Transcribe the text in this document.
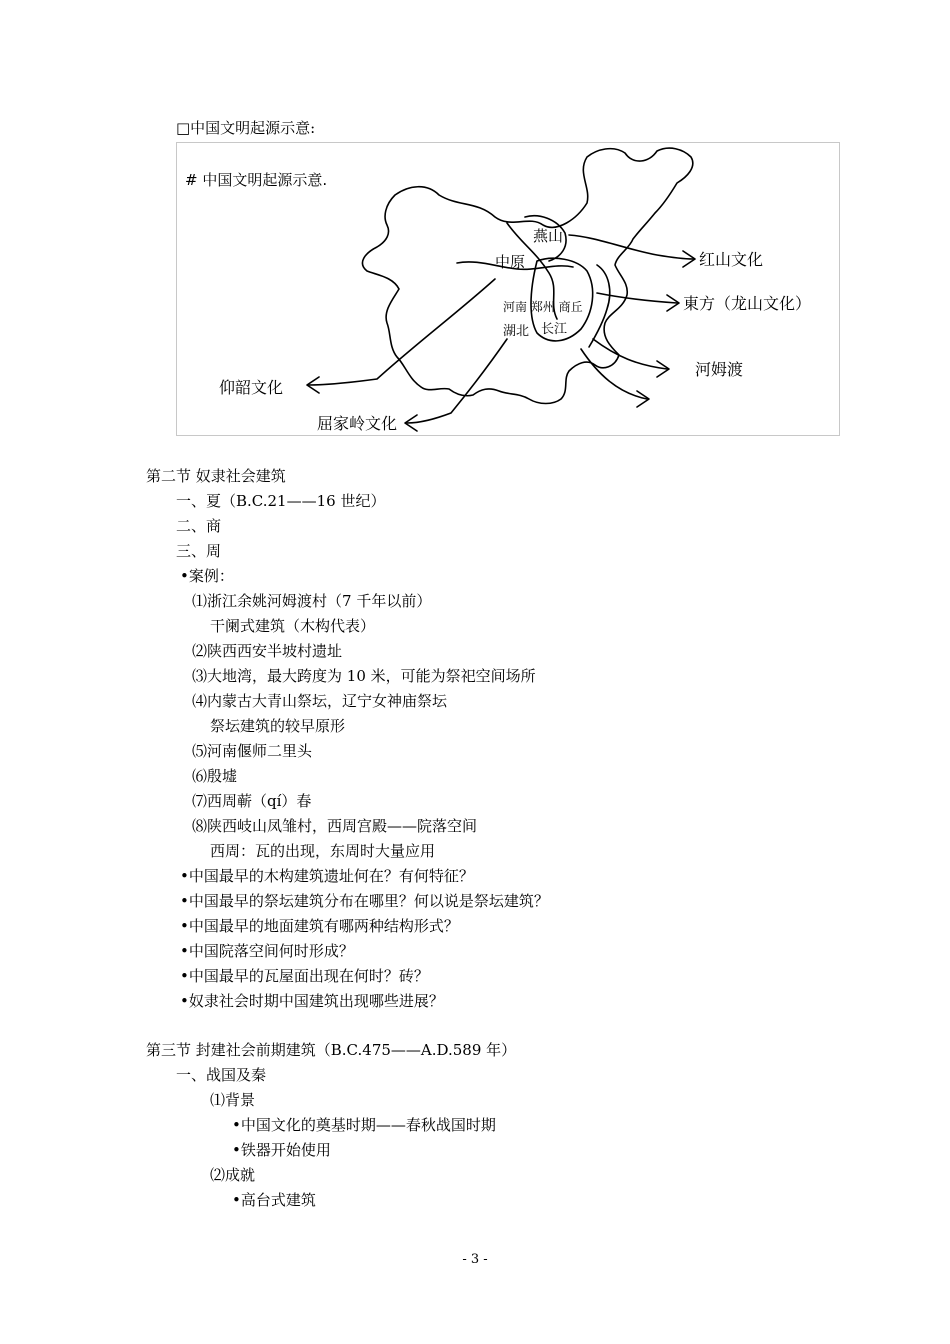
□中国文明起源示意:
# 中国文明起源示意.
燕山
中原
河南 郑州 商丘
湖北 长江
红山文化
東方（龙山文化）
河姆渡
仰韶文化
屈家岭文化
第二节 奴隶社会建筑
一、夏（B.C.21——16 世纪）
二、商
三、周
•案例：
⑴浙江余姚河姆渡村（7 千年以前）
干阑式建筑（木构代表）
⑵陕西西安半坡村遗址
⑶大地湾，最大跨度为 10 米，可能为祭祀空间场所
⑷内蒙古大青山祭坛，辽宁女神庙祭坛
祭坛建筑的较早原形
⑸河南偃师二里头
⑹殷墟
⑺西周蕲（qí）春
⑻陕西岐山凤雏村，西周宫殿——院落空间
西周：瓦的出现，东周时大量应用
•中国最早的木构建筑遗址何在？有何特征？
•中国最早的祭坛建筑分布在哪里？何以说是祭坛建筑？
•中国最早的地面建筑有哪两种结构形式？
•中国院落空间何时形成？
•中国最早的瓦屋面出现在何时？砖？
•奴隶社会时期中国建筑出现哪些进展？
第三节 封建社会前期建筑（B.C.475——A.D.589 年）
一、战国及秦
⑴背景
•中国文化的奠基时期——春秋战国时期
•铁器开始使用
⑵成就
•高台式建筑
- 3 -
